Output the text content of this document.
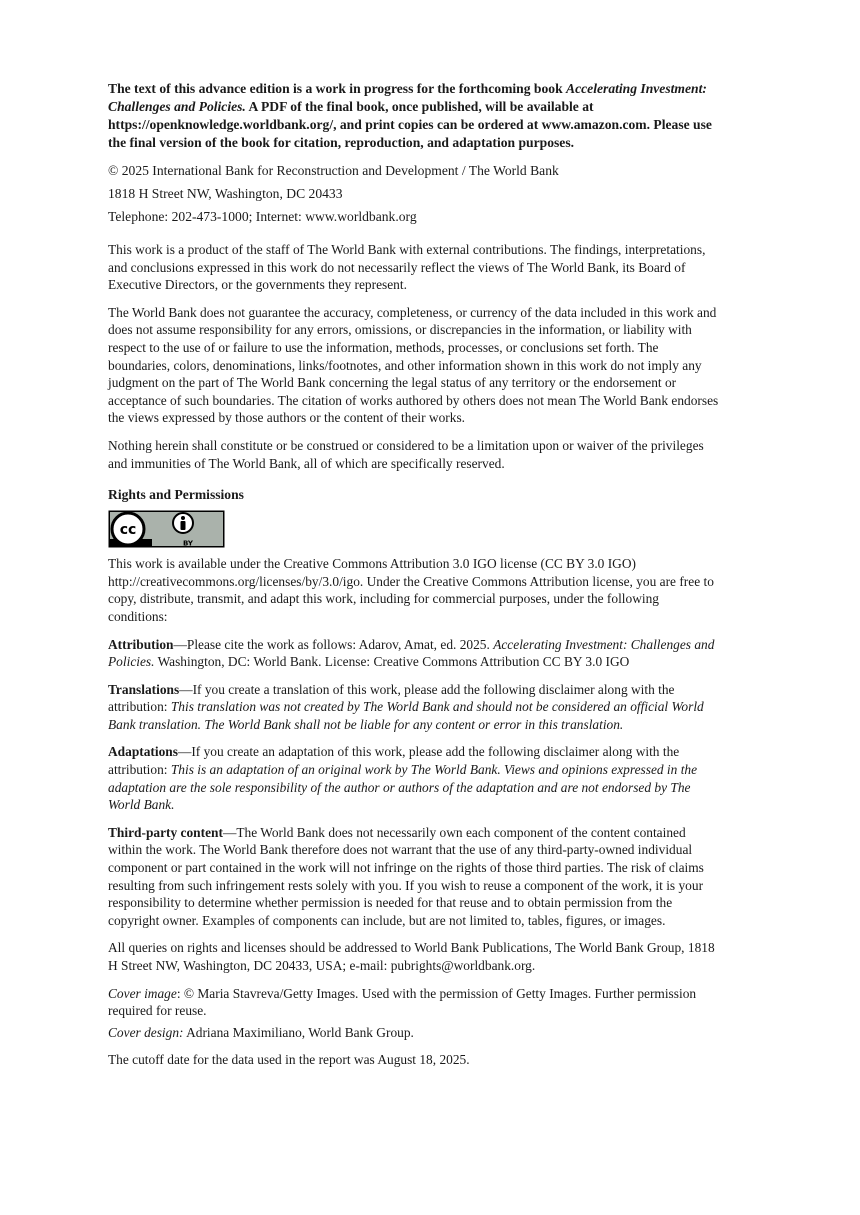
The text of this advance edition is a work in progress for the forthcoming book Accelerating Investment: Challenges and Policies. A PDF of the final book, once published, will be available at https://openknowledge.worldbank.org/, and print copies can be ordered at www.amazon.com. Please use the final version of the book for citation, reproduction, and adaptation purposes.

© 2025 International Bank for Reconstruction and Development / The World Bank

1818 H Street NW, Washington, DC 20433

Telephone: 202-473-1000; Internet: www.worldbank.org

This work is a product of the staff of The World Bank with external contributions. The findings, interpretations, and conclusions expressed in this work do not necessarily reflect the views of The World Bank, its Board of Executive Directors, or the governments they represent.

The World Bank does not guarantee the accuracy, completeness, or currency of the data included in this work and does not assume responsibility for any errors, omissions, or discrepancies in the information, or liability with respect to the use of or failure to use the information, methods, processes, or conclusions set forth. The boundaries, colors, denominations, links/footnotes, and other information shown in this work do not imply any judgment on the part of The World Bank concerning the legal status of any territory or the endorsement or acceptance of such boundaries. The citation of works authored by others does not mean The World Bank endorses the views expressed by those authors or the content of their works.

Nothing herein shall constitute or be construed or considered to be a limitation upon or waiver of the privileges and immunities of The World Bank, all of which are specifically reserved.

Rights and Permissions

cc
BY

This work is available under the Creative Commons Attribution 3.0 IGO license (CC BY 3.0 IGO) http://creativecommons.org/licenses/by/3.0/igo. Under the Creative Commons Attribution license, you are free to copy, distribute, transmit, and adapt this work, including for commercial purposes, under the following conditions:

Attribution—Please cite the work as follows: Adarov, Amat, ed. 2025. Accelerating Investment: Challenges and Policies. Washington, DC: World Bank. License: Creative Commons Attribution CC BY 3.0 IGO

Translations—If you create a translation of this work, please add the following disclaimer along with the attribution: This translation was not created by The World Bank and should not be considered an official World Bank translation. The World Bank shall not be liable for any content or error in this translation.

Adaptations—If you create an adaptation of this work, please add the following disclaimer along with the attribution: This is an adaptation of an original work by The World Bank. Views and opinions expressed in the adaptation are the sole responsibility of the author or authors of the adaptation and are not endorsed by The World Bank.

Third-party content—The World Bank does not necessarily own each component of the content contained within the work. The World Bank therefore does not warrant that the use of any third-party-owned individual component or part contained in the work will not infringe on the rights of those third parties. The risk of claims resulting from such infringement rests solely with you. If you wish to reuse a component of the work, it is your responsibility to determine whether permission is needed for that reuse and to obtain permission from the copyright owner. Examples of components can include, but are not limited to, tables, figures, or images.

All queries on rights and licenses should be addressed to World Bank Publications, The World Bank Group, 1818 H Street NW, Washington, DC 20433, USA; e-mail: pubrights@worldbank.org.

Cover image: © Maria Stavreva/Getty Images. Used with the permission of Getty Images. Further permission required for reuse.

Cover design: Adriana Maximiliano, World Bank Group.

The cutoff date for the data used in the report was August 18, 2025.
